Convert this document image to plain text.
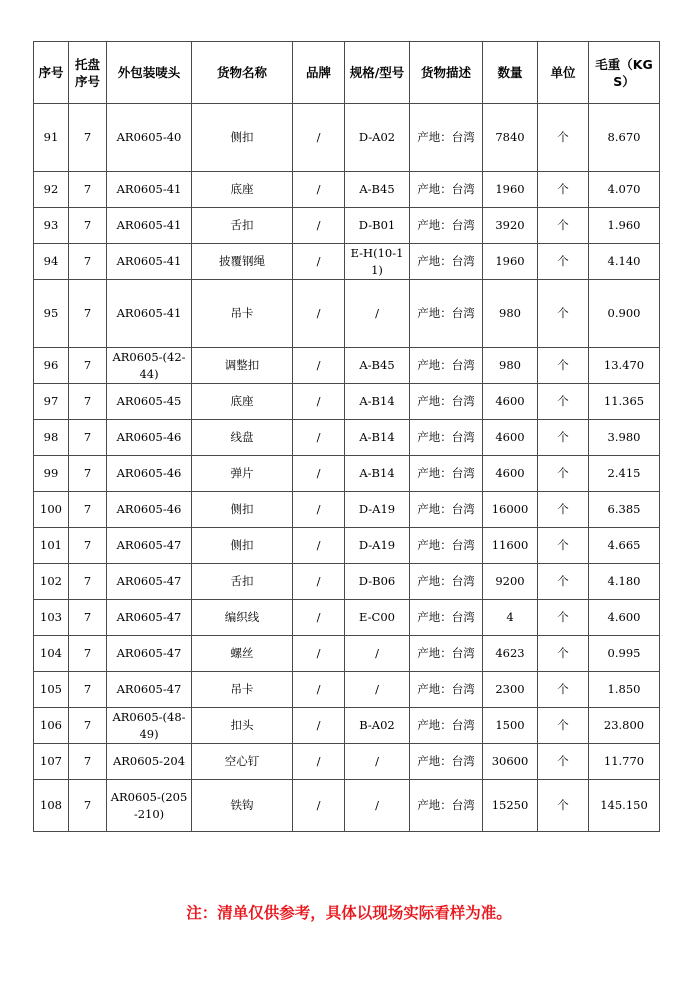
序号	托盘序号	外包装唛头	货物名称	品牌	规格/型号	货物描述	数量	单位	毛重（KGS）
91	7	AR0605-40	侧扣	/	D-A02	产地：台湾	7840	个	8.670
92	7	AR0605-41	底座	/	A-B45	产地：台湾	1960	个	4.070
93	7	AR0605-41	舌扣	/	D-B01	产地：台湾	3920	个	1.960
94	7	AR0605-41	披覆钢绳	/	E-H(10-11)	产地：台湾	1960	个	4.140
95	7	AR0605-41	吊卡	/	/	产地：台湾	980	个	0.900
96	7	AR0605-(42-44)	调整扣	/	A-B45	产地：台湾	980	个	13.470
97	7	AR0605-45	底座	/	A-B14	产地：台湾	4600	个	11.365
98	7	AR0605-46	线盘	/	A-B14	产地：台湾	4600	个	3.980
99	7	AR0605-46	弹片	/	A-B14	产地：台湾	4600	个	2.415
100	7	AR0605-46	侧扣	/	D-A19	产地：台湾	16000	个	6.385
101	7	AR0605-47	侧扣	/	D-A19	产地：台湾	11600	个	4.665
102	7	AR0605-47	舌扣	/	D-B06	产地：台湾	9200	个	4.180
103	7	AR0605-47	编织线	/	E-C00	产地：台湾	4	个	4.600
104	7	AR0605-47	螺丝	/	/	产地：台湾	4623	个	0.995
105	7	AR0605-47	吊卡	/	/	产地：台湾	2300	个	1.850
106	7	AR0605-(48-49)	扣头	/	B-A02	产地：台湾	1500	个	23.800
107	7	AR0605-204	空心钉	/	/	产地：台湾	30600	个	11.770
108	7	AR0605-(205-210)	铁钩	/	/	产地：台湾	15250	个	145.150
注：清单仅供参考，具体以现场实际看样为准。
